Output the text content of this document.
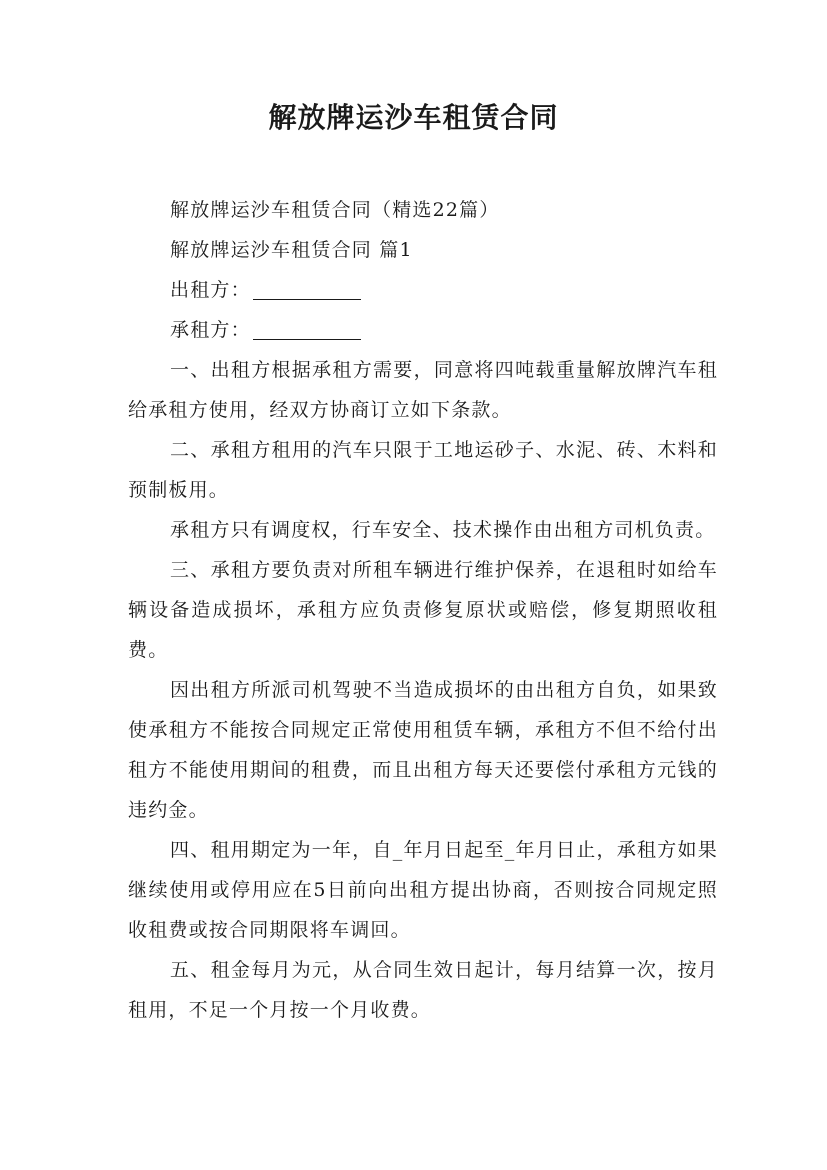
解放牌运沙车租赁合同

解放牌运沙车租赁合同（精选22篇）

解放牌运沙车租赁合同 篇1

出租方：

承租方：

一、出租方根据承租方需要，同意将四吨载重量解放牌汽车租给承租方使用，经双方协商订立如下条款。

二、承租方租用的汽车只限于工地运砂子、水泥、砖、木料和预制板用。

承租方只有调度权，行车安全、技术操作由出租方司机负责。

三、承租方要负责对所租车辆进行维护保养，在退租时如给车辆设备造成损坏，承租方应负责修复原状或赔偿，修复期照收租费。

因出租方所派司机驾驶不当造成损坏的由出租方自负，如果致使承租方不能按合同规定正常使用租赁车辆，承租方不但不给付出租方不能使用期间的租费，而且出租方每天还要偿付承租方元钱的违约金。

四、租用期定为一年，自_年月日起至_年月日止，承租方如果继续使用或停用应在5日前向出租方提出协商，否则按合同规定照收租费或按合同期限将车调回。

五、租金每月为元，从合同生效日起计，每月结算一次，按月租用，不足一个月按一个月收费。
